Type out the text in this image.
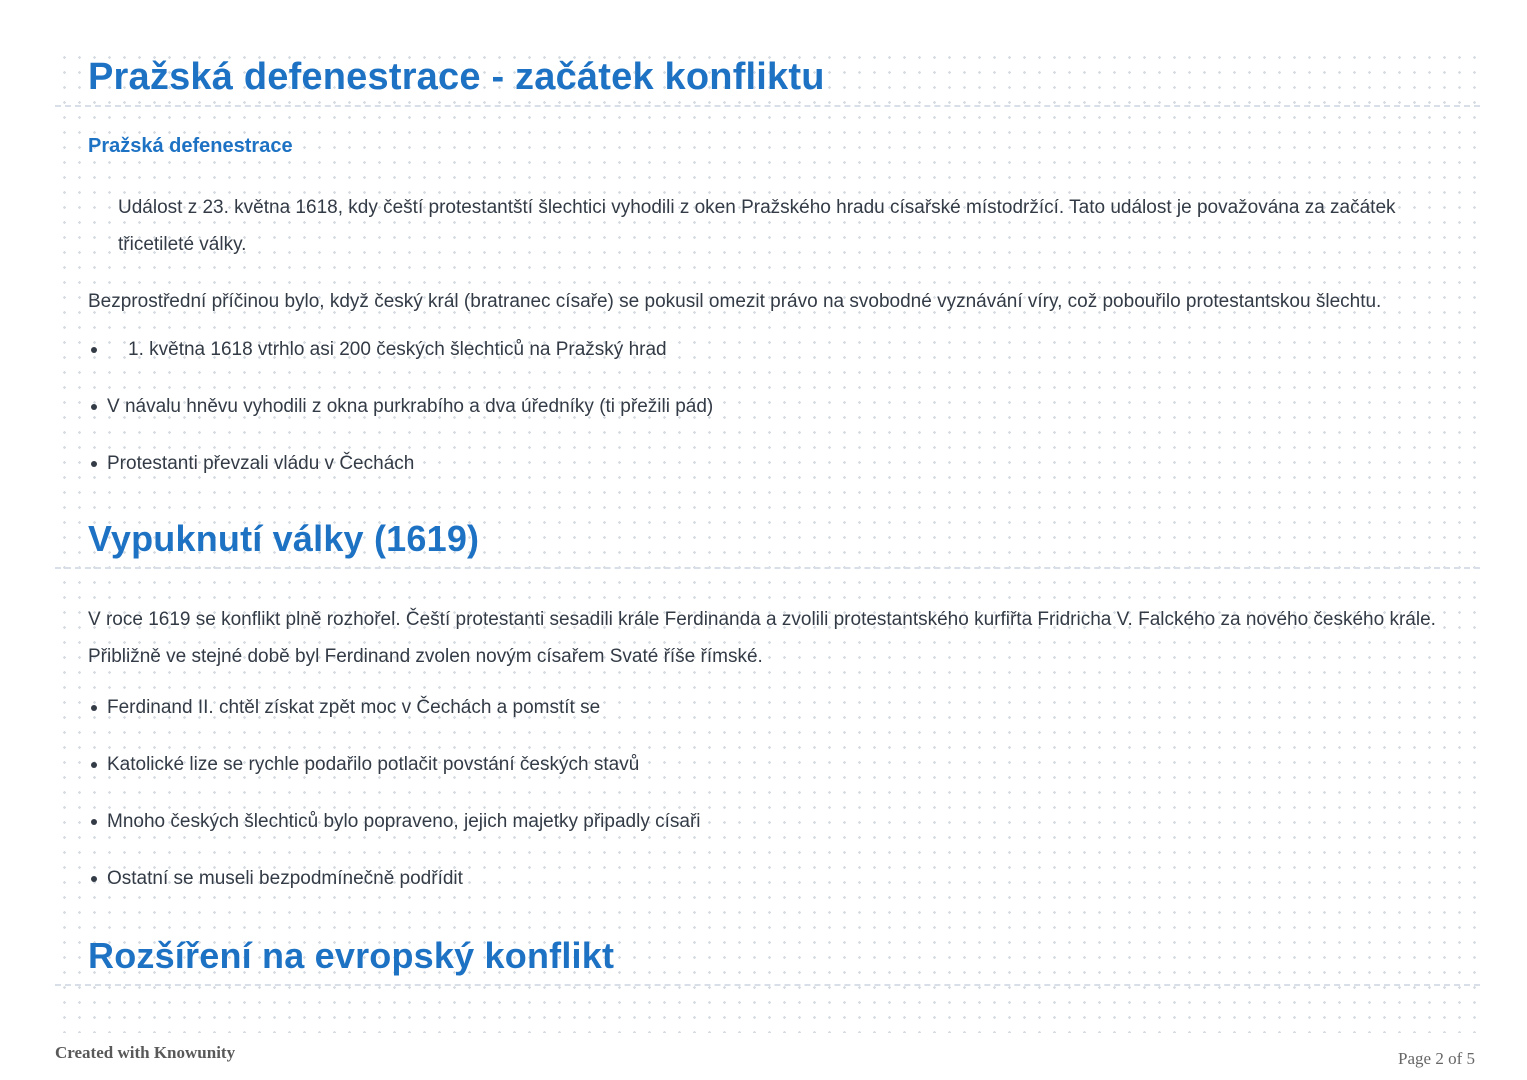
Pražská defenestrace - začátek konfliktu
Pražská defenestrace

Událost z 23. května 1618, kdy čeští protestantští šlechtici vyhodili z oken Pražského hradu císařské místodržící. Tato událost je považována za začátek třicetileté války.

Bezprostřední příčinou bylo, když český král (bratranec císaře) se pokusil omezit právo na svobodné vyznávání víry, což pobouřilo protestantskou šlechtu.

1. května 1618 vtrhlo asi 200 českých šlechticů na Pražský hrad
V návalu hněvu vyhodili z okna purkrabího a dva úředníky (ti přežili pád)
Protestanti převzali vládu v Čechách
Vypuknutí války (1619)

V roce 1619 se konflikt plně rozhořel. Čeští protestanti sesadili krále Ferdinanda a zvolili protestantského kurfiřta Fridricha V. Falckého za nového českého krále. Přibližně ve stejné době byl Ferdinand zvolen novým císařem Svaté říše římské.

Ferdinand II. chtěl získat zpět moc v Čechách a pomstít se
Katolické lize se rychle podařilo potlačit povstání českých stavů
Mnoho českých šlechticů bylo popraveno, jejich majetky připadly císaři
Ostatní se museli bezpodmínečně podřídit
Rozšíření na evropský konflikt
Created with Knowunity	Page 2 of 5
